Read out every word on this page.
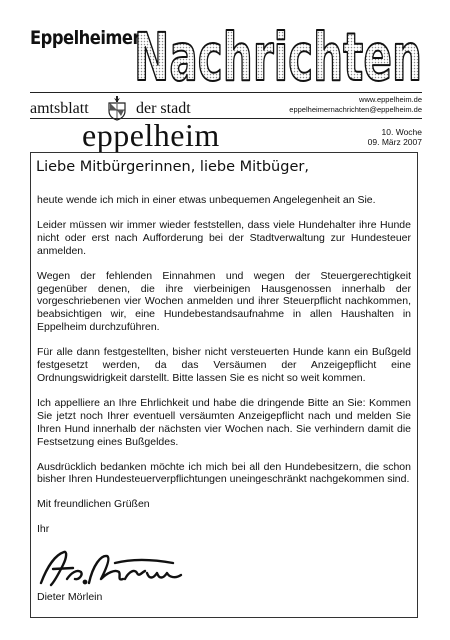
Eppelheimer
Nachrichten
amtsblatt	der stadt
www.eppelheim.de
eppelheimernachrichten@eppelheim.de
eppelheim	10. Woche
09. März 2007
Liebe Mitbürgerinnen, liebe Mitbüger,

heute wende ich mich in einer etwas unbequemen Angelegenheit an Sie.

Leider müssen wir immer wieder feststellen, dass viele Hundehalter ihre Hunde nicht oder erst nach Aufforderung bei der Stadtverwaltung zur Hundesteuer anmelden.

Wegen der fehlenden Einnahmen und wegen der Steuergerechtigkeit gegenüber denen, die ihre vierbeinigen Hausgenossen innerhalb der vorgeschriebenen vier Wochen anmelden und ihrer Steuerpflicht nachkommen, beabsichtigen wir, eine Hundebestandsaufnahme in allen Haushalten in Eppelheim durchzuführen.

Für alle dann festgestellten, bisher nicht versteuerten Hunde kann ein Bußgeld festgesetzt werden, da das Versäumen der Anzeigepflicht eine Ordnungswidrigkeit darstellt. Bitte lassen Sie es nicht so weit kommen.

Ich appelliere an Ihre Ehrlichkeit und habe die dringende Bitte an Sie: Kommen Sie jetzt noch Ihrer eventuell versäumten Anzeigepflicht nach und melden Sie Ihren Hund innerhalb der nächsten vier Wochen nach. Sie verhindern damit die Festsetzung eines Bußgeldes.

Ausdrücklich bedanken möchte ich mich bei all den Hundebesitzern, die schon bisher Ihren Hundesteuerverpflichtungen uneingeschränkt nachgekommen sind.

Mit freundlichen Grüßen

Ihr

Dieter Mörlein
